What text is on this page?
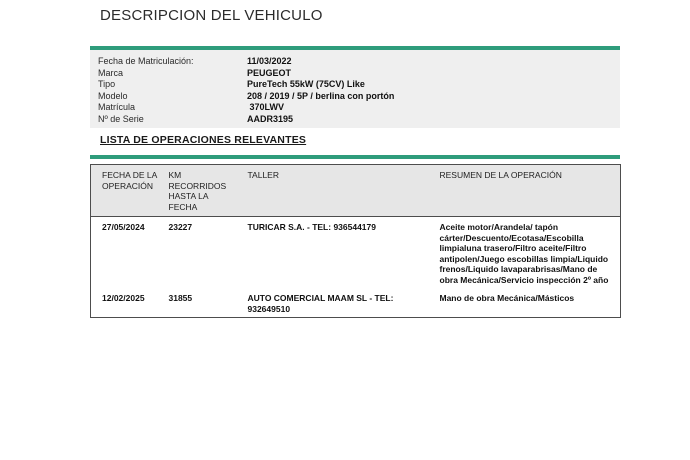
DESCRIPCION DEL VEHICULO
Fecha de Matriculación:	11/03/2022
Marca	PEUGEOT
Tipo	PureTech 55kW (75CV) Like
Modelo	208 / 2019 / 5P / berlina con portón
Matrícula	370LWV
Nº de Serie	AADR3195
LISTA DE OPERACIONES RELEVANTES
FECHA DE LA OPERACIÓN	KM RECORRIDOS HASTA LA FECHA	TALLER	RESUMEN DE LA OPERACIÓN
27/05/2024	23227	TURICAR S.A. - TEL: 936544179	Aceite motor/Arandela/ tapón cárter/Descuento/Ecotasa/Escobilla limpialuna trasero/Filtro aceite/Filtro antipolen/Juego escobillas limpia/Liquido frenos/Liquido lavaparabrisas/Mano de obra Mecánica/Servicio inspección 2º año
12/02/2025	31855	AUTO COMERCIAL MAAM SL - TEL: 932649510	Mano de obra Mecánica/Másticos
